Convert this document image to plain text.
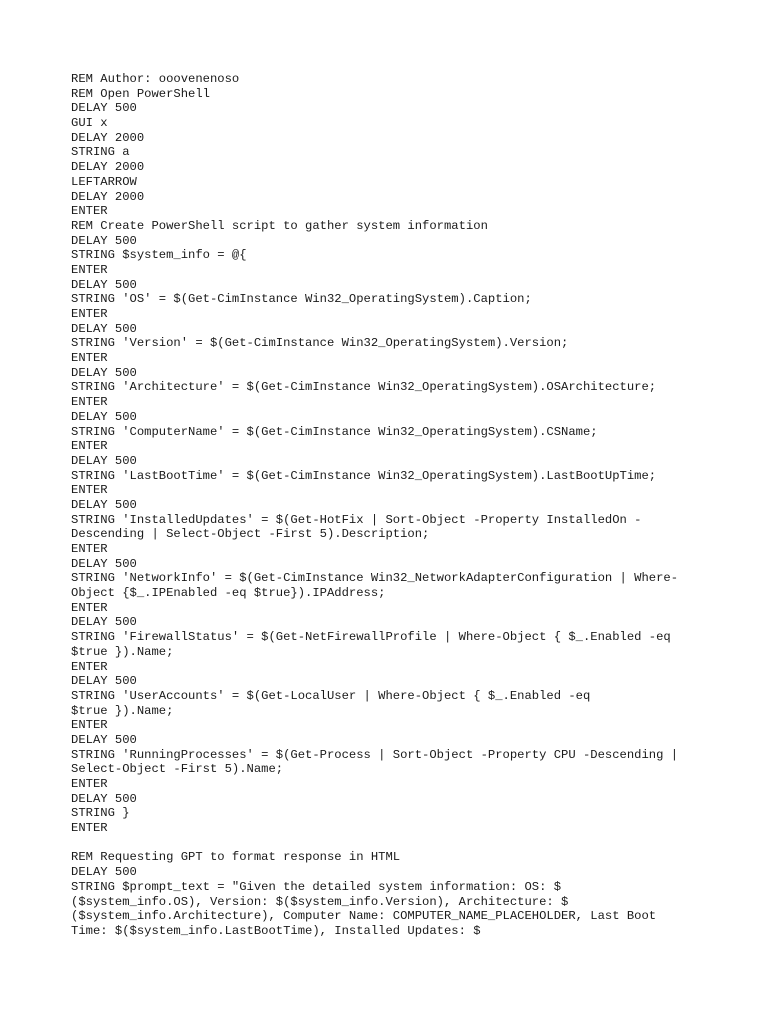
REM Author: ooovenenoso
REM Open PowerShell
DELAY 500
GUI x
DELAY 2000
STRING a
DELAY 2000
LEFTARROW
DELAY 2000
ENTER
REM Create PowerShell script to gather system information
DELAY 500
STRING $system_info = @{
ENTER
DELAY 500
STRING 'OS' = $(Get-CimInstance Win32_OperatingSystem).Caption;
ENTER
DELAY 500
STRING 'Version' = $(Get-CimInstance Win32_OperatingSystem).Version;
ENTER
DELAY 500
STRING 'Architecture' = $(Get-CimInstance Win32_OperatingSystem).OSArchitecture;
ENTER
DELAY 500
STRING 'ComputerName' = $(Get-CimInstance Win32_OperatingSystem).CSName;
ENTER
DELAY 500
STRING 'LastBootTime' = $(Get-CimInstance Win32_OperatingSystem).LastBootUpTime;
ENTER
DELAY 500
STRING 'InstalledUpdates' = $(Get-HotFix | Sort-Object -Property InstalledOn -
Descending | Select-Object -First 5).Description;
ENTER
DELAY 500
STRING 'NetworkInfo' = $(Get-CimInstance Win32_NetworkAdapterConfiguration | Where-
Object {$_.IPEnabled -eq $true}).IPAddress;
ENTER
DELAY 500
STRING 'FirewallStatus' = $(Get-NetFirewallProfile | Where-Object { $_.Enabled -eq
$true }).Name;
ENTER
DELAY 500
STRING 'UserAccounts' = $(Get-LocalUser | Where-Object { $_.Enabled -eq
$true }).Name;
ENTER
DELAY 500
STRING 'RunningProcesses' = $(Get-Process | Sort-Object -Property CPU -Descending |
Select-Object -First 5).Name;
ENTER
DELAY 500
STRING }
ENTER
REM Requesting GPT to format response in HTML
DELAY 500
STRING $prompt_text = "Given the detailed system information: OS: $
($system_info.OS), Version: $($system_info.Version), Architecture: $
($system_info.Architecture), Computer Name: COMPUTER_NAME_PLACEHOLDER, Last Boot
Time: $($system_info.LastBootTime), Installed Updates: $
